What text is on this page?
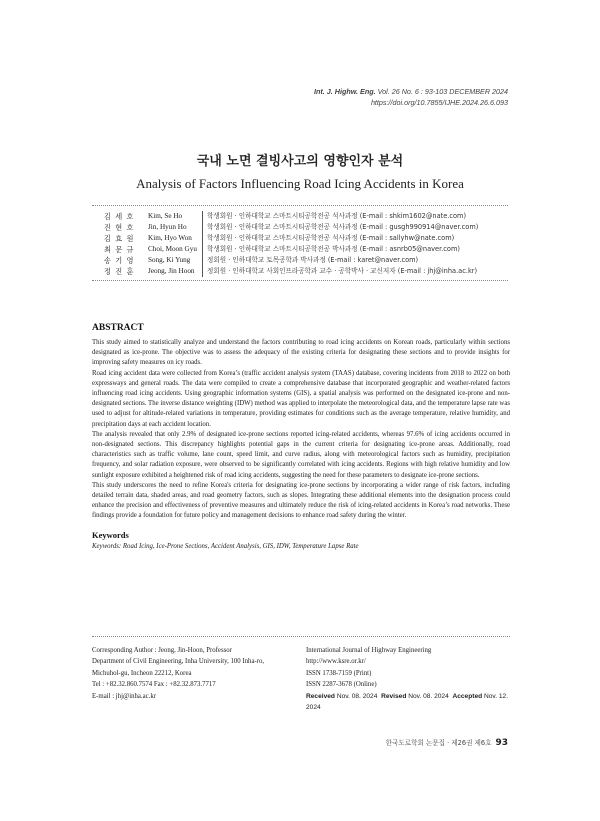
Int. J. Highw. Eng. Vol. 26 No. 6 : 93-103 DECEMBER 2024
https://doi.org/10.7855/IJHE.2024.26.6.093
국내 노면 결빙사고의 영향인자 분석
Analysis of Factors Influencing Road Icing Accidents in Korea
김 세 호	Kim, Se Ho	학생회원 · 인하대학교 스마트시티공학전공 석사과정 (E-mail : shkim1602@nate.com)
진 현 호	Jin, Hyun Ho	학생회원 · 인하대학교 스마트시티공학전공 석사과정 (E-mail : gusgh990914@naver.com)
김 효 원	Kim, Hyo Won	학생회원 · 인하대학교 스마트시티공학전공 석사과정 (E-mail : sallyhw@nate.com)
최 문 규	Choi, Moon Gyu	학생회원 · 인하대학교 스마트시티공학전공 박사과정 (E-mail : asnrb05@naver.com)
송 기 영	Song, Ki Yung	정회원 · 인하대학교 토목공학과 박사과정 (E-mail : karet@naver.com)
정 진 훈	Jeong, Jin Hoon	정회원 · 인하대학교 사회인프라공학과 교수 · 공학박사 · 교신저자 (E-mail : jhj@inha.ac.kr)
ABSTRACT

This study aimed to statistically analyze and understand the factors contributing to road icing accidents on Korean roads, particularly within sections designated as ice-prone. The objective was to assess the adequacy of the existing criteria for designating these sections and to provide insights for improving safety measures on icy roads.

Road icing accident data were collected from Korea’s (traffic accident analysis system (TAAS) database, covering incidents from 2018 to 2022 on both expressways and general roads. The data were compiled to create a comprehensive database that incorporated geographic and weather-related factors influencing road icing accidents. Using geographic information systems (GIS), a spatial analysis was performed on the designated ice-prone and non-designated sections. The inverse distance weighting (IDW) method was applied to interpolate the meteorological data, and the temperature lapse rate was used to adjust for altitude-related variations in temperature, providing estimates for conditions such as the average temperature, relative humidity, and precipitation days at each accident location.

The analysis revealed that only 2.9% of designated ice-prone sections reported icing-related accidents, whereas 97.6% of icing accidents occurred in non-designated sections. This discrepancy highlights potential gaps in the current criteria for designating ice-prone areas. Additionally, road characteristics such as traffic volume, lane count, speed limit, and curve radius, along with meteorological factors such as humidity, precipitation frequency, and solar radiation exposure, were observed to be significantly correlated with icing accidents. Regions with high relative humidity and low sunlight exposure exhibited a heightened risk of road icing accidents, suggesting the need for these parameters to designate ice-prone sections.

This study underscores the need to refine Korea's criteria for designating ice-prone sections by incorporating a wider range of risk factors, including detailed terrain data, shaded areas, and road geometry factors, such as slopes. Integrating these additional elements into the designation process could enhance the precision and effectiveness of preventive measures and ultimately reduce the risk of icing-related accidents in Korea’s road networks. These findings provide a foundation for future policy and management decisions to enhance road safety during the winter.

Keywords
Keywords: Road Icing, Ice-Prone Sections, Accident Analysis, GIS, IDW, Temperature Lapse Rate
Corresponding Author : Jeong, Jin-Hoon, Professor
Department of Civil Engineering, Inha University, 100 Inha-ro,
Michuhol-gu, Incheon 22212, Korea
Tel : +82.32.860.7574 Fax : +82.32.873.7717
E-mail : jhj@inha.ac.kr
International Journal of Highway Engineering
http://www.ksre.or.kr/
ISSN 1738-7159 (Print)
ISSN 2287-3678 (Online)
Received Nov. 08. 2024 Revised Nov. 08. 2024 Accepted Nov. 12. 2024
한국도로학회 논문집 · 제26권 제6호 93
